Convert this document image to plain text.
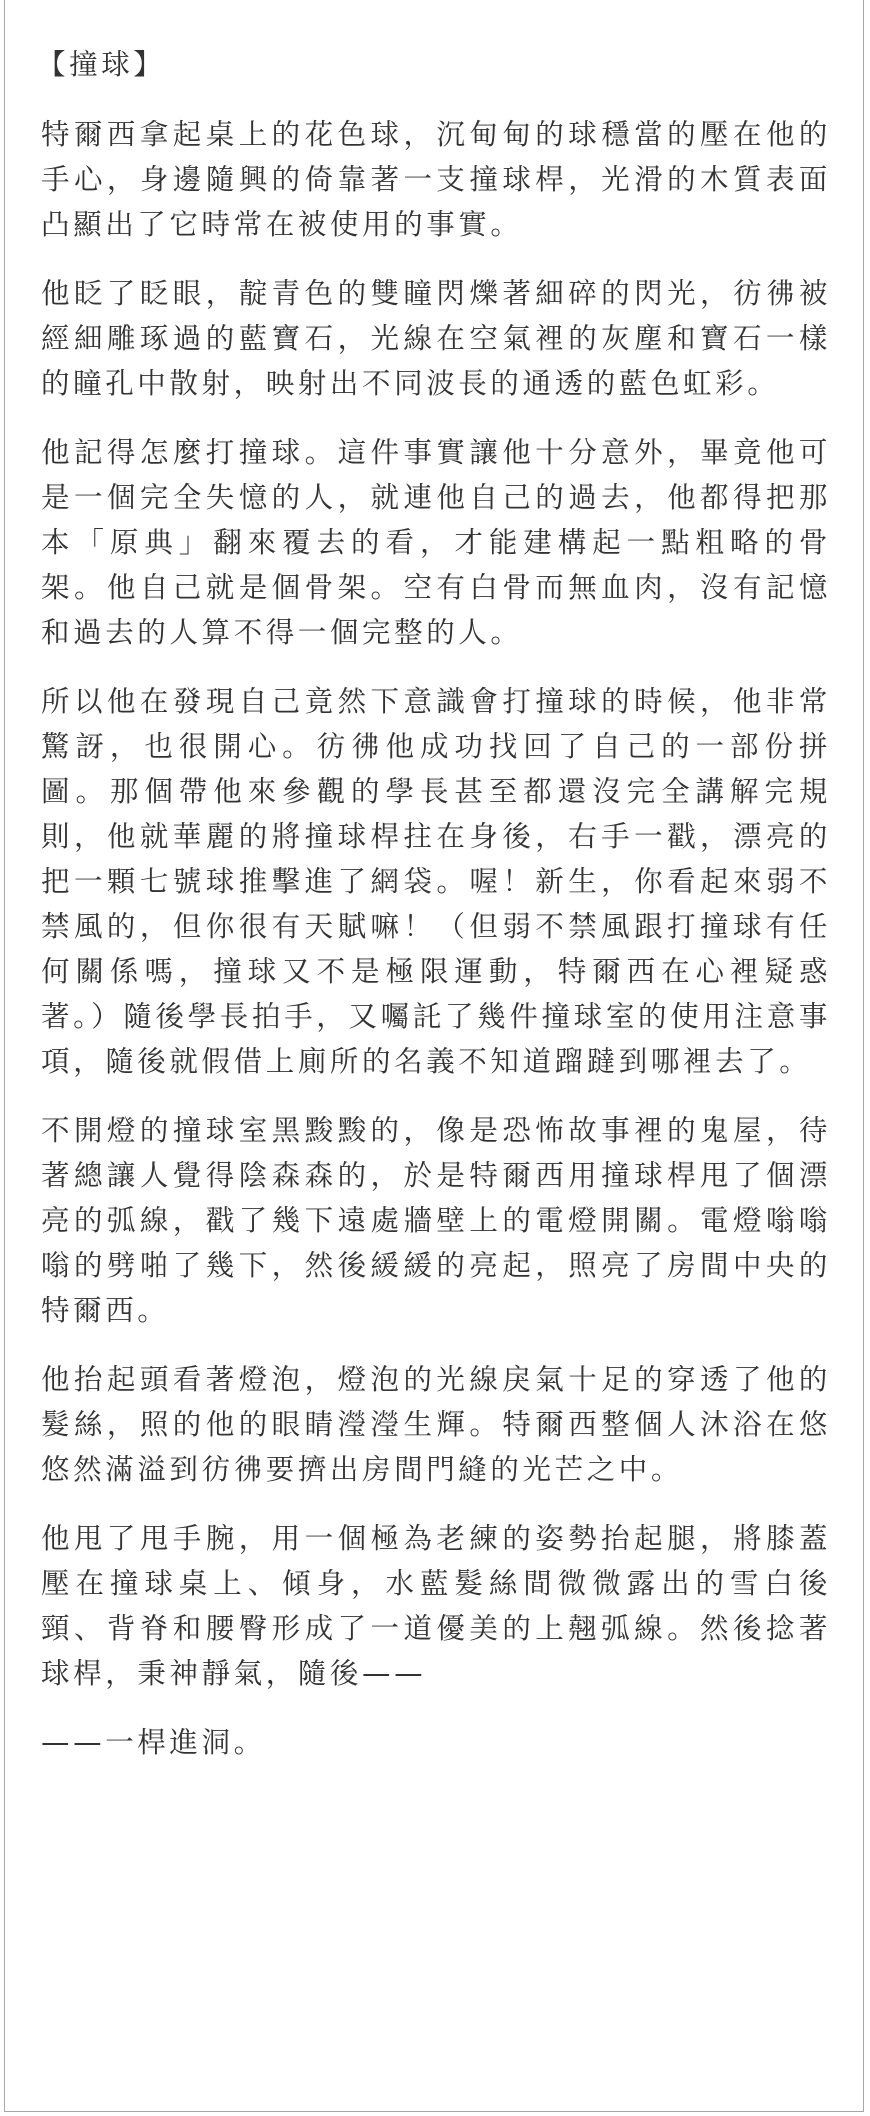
【撞球】
特爾西拿起桌上的花色球，沉甸甸的球穩當的壓在他的手心，身邊隨興的倚靠著一支撞球桿，光滑的木質表面凸顯出了它時常在被使用的事實。
他眨了眨眼，靛青色的雙瞳閃爍著細碎的閃光，彷彿被經細雕琢過的藍寶石，光線在空氣裡的灰塵和寶石一樣的瞳孔中散射，映射出不同波長的通透的藍色虹彩。
他記得怎麼打撞球。這件事實讓他十分意外，畢竟他可是一個完全失憶的人，就連他自己的過去，他都得把那本「原典」翻來覆去的看，才能建構起一點粗略的骨架。他自己就是個骨架。空有白骨而無血肉，沒有記憶和過去的人算不得一個完整的人。
所以他在發現自己竟然下意識會打撞球的時候，他非常驚訝，也很開心。彷彿他成功找回了自己的一部份拼圖。那個帶他來參觀的學長甚至都還沒完全講解完規則，他就華麗的將撞球桿拄在身後，右手一戳，漂亮的把一顆七號球推擊進了網袋。喔！新生，你看起來弱不禁風的，但你很有天賦嘛！（但弱不禁風跟打撞球有任何關係嗎，撞球又不是極限運動，特爾西在心裡疑惑著。）隨後學長拍手，又囑託了幾件撞球室的使用注意事項，隨後就假借上廁所的名義不知道蹓躂到哪裡去了。
不開燈的撞球室黑黢黢的，像是恐怖故事裡的鬼屋，待著總讓人覺得陰森森的，於是特爾西用撞球桿甩了個漂亮的弧線，戳了幾下遠處牆壁上的電燈開關。電燈嗡嗡嗡的劈啪了幾下，然後緩緩的亮起，照亮了房間中央的特爾西。
他抬起頭看著燈泡，燈泡的光線戾氣十足的穿透了他的髮絲，照的他的眼睛瀅瀅生輝。特爾西整個人沐浴在悠悠然滿溢到彷彿要擠出房間門縫的光芒之中。
他甩了甩手腕，用一個極為老練的姿勢抬起腿，將膝蓋壓在撞球桌上、傾身，水藍髮絲間微微露出的雪白後頸、背脊和腰臀形成了一道優美的上翹弧線。然後捻著球桿，秉神靜氣，隨後——
——一桿進洞。
